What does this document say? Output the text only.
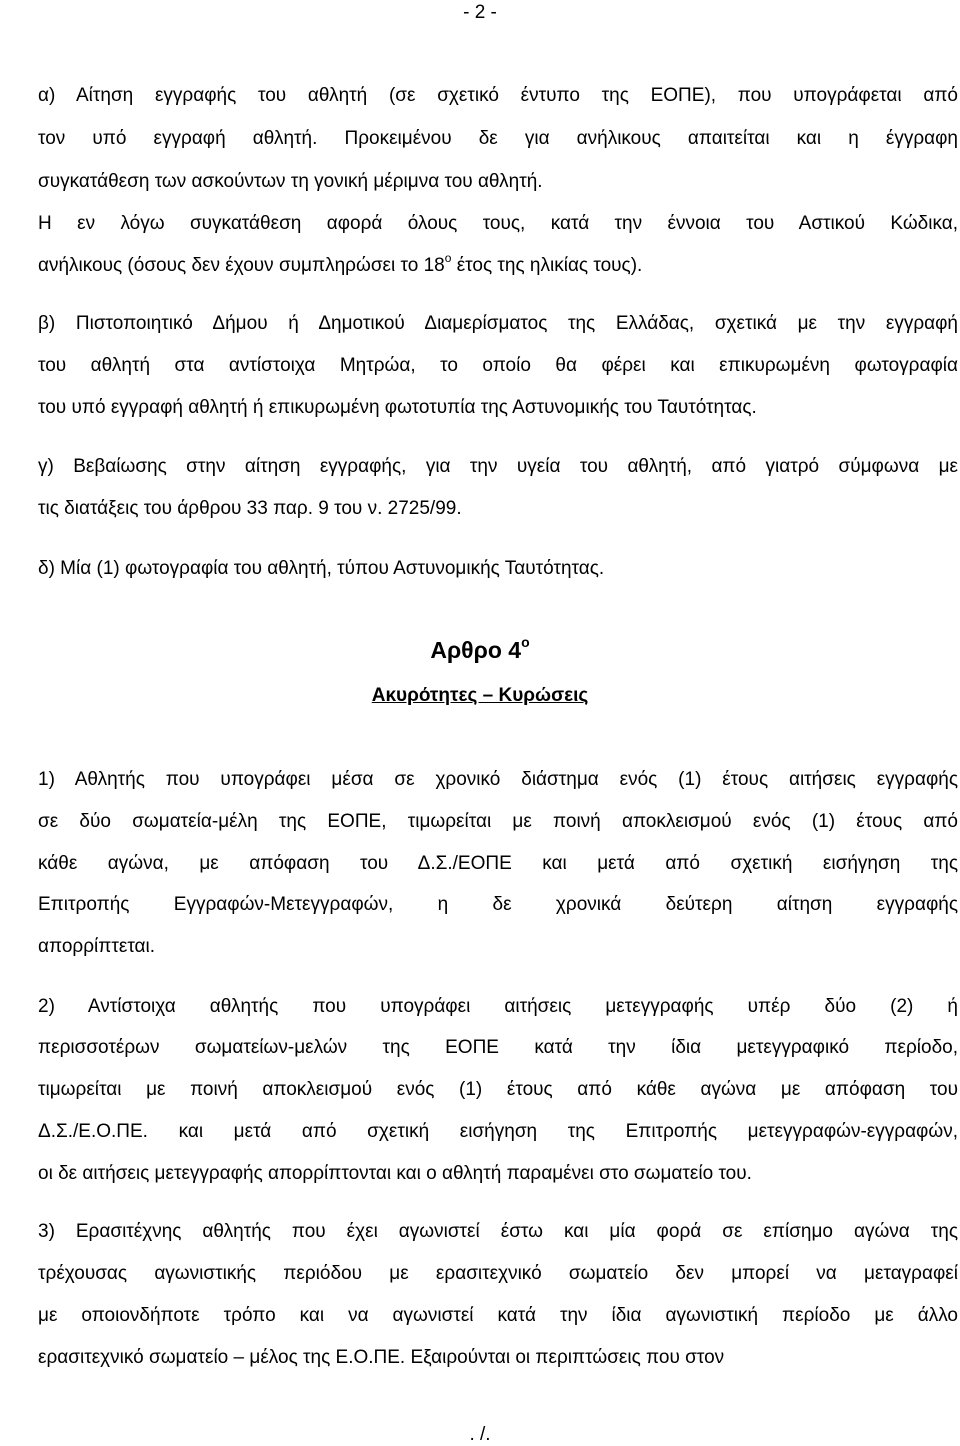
- 2 -
α) Αίτηση εγγραφής του αθλητή (σε σχετικό έντυπο της ΕΟΠΕ), που υπογράφεται από
τον υπό εγγραφή αθλητή. Προκειμένου δε για ανήλικους απαιτείται και η έγγραφη
συγκατάθεση των ασκούντων τη γονική μέριμνα του αθλητή.
Η εν λόγω συγκατάθεση αφορά όλους τους, κατά την έννοια του Αστικού Κώδικα,
ανήλικους (όσους δεν έχουν συμπληρώσει το $18^o$ έτος της ηλικίας τους).
β) Πιστοποιητικό Δήμου ή Δημοτικού Διαμερίσματος της Ελλάδας, σχετικά με την εγγραφή
του αθλητή στα αντίστοιχα Μητρώα, το οποίο θα φέρει και επικυρωμένη φωτογραφία
του υπό εγγραφή αθλητή ή επικυρωμένη φωτοτυπία της Αστυνομικής του Ταυτότητας.
γ) Βεβαίωσης στην αίτηση εγγραφής, για την υγεία του αθλητή, από γιατρό σύμφωνα με
τις διατάξεις του άρθρου 33 παρ. 9 του ν. 2725/99.
δ) Μία (1) φωτογραφία του αθλητή, τύπου Αστυνομικής Ταυτότητας.
Αρθρο $4^o$
Ακυρότητες – Κυρώσεις
1) Αθλητής που υπογράφει μέσα σε χρονικό διάστημα ενός (1) έτους αιτήσεις εγγραφής
σε δύο σωματεία-μέλη της ΕΟΠΕ, τιμωρείται με ποινή αποκλεισμού ενός (1) έτους από
κάθε αγώνα, με απόφαση του Δ.Σ./ΕΟΠΕ και μετά από σχετική εισήγηση της
Επιτροπής Εγγραφών-Μετεγγραφών, η δε χρονικά δεύτερη αίτηση εγγραφής
απορρίπτεται.
2) Αντίστοιχα αθλητής που υπογράφει αιτήσεις μετεγγραφής υπέρ δύο (2) ή
περισσοτέρων σωματείων-μελών της ΕΟΠΕ κατά την ίδια μετεγγραφικό περίοδο,
τιμωρείται με ποινή αποκλεισμού ενός (1) έτους από κάθε αγώνα με απόφαση του
Δ.Σ./Ε.Ο.ΠΕ. και μετά από σχετική εισήγηση της Επιτροπής μετεγγραφών-εγγραφών,
οι δε αιτήσεις μετεγγραφής απορρίπτονται και ο αθλητή παραμένει στο σωματείο του.
3) Ερασιτέχνης αθλητής που έχει αγωνιστεί έστω και μία φορά σε επίσημο αγώνα της
τρέχουσας αγωνιστικής περιόδου με ερασιτεχνικό σωματείο δεν μπορεί να μεταγραφεί
με οποιονδήποτε τρόπο και να αγωνιστεί κατά την ίδια αγωνιστική περίοδο με άλλο
ερασιτεχνικό σωματείο – μέλος της Ε.Ο.ΠΕ. Εξαιρούνται οι περιπτώσεις που στον
. /.
